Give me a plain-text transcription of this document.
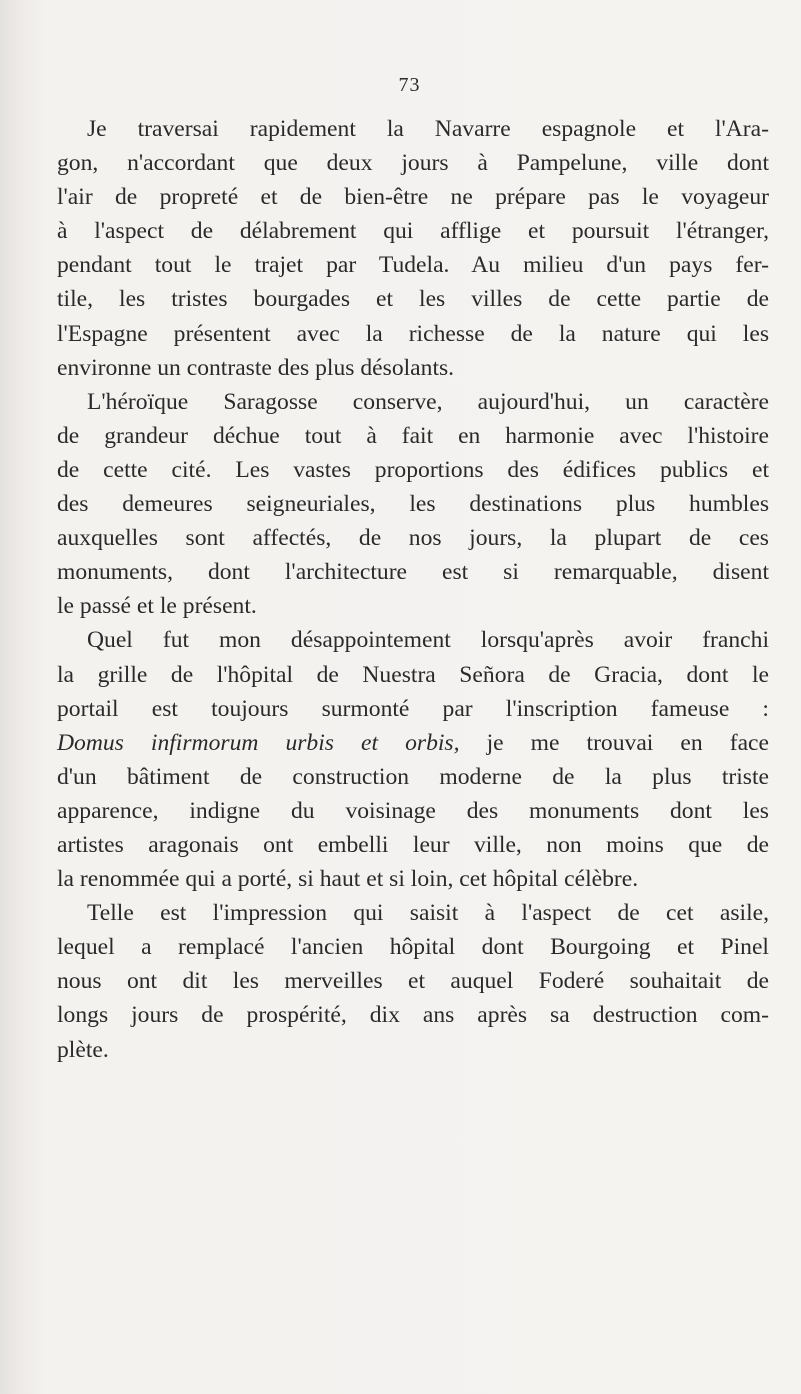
73
Je traversai rapidement la Navarre espagnole et l'Ara-
gon, n'accordant que deux jours à Pampelune, ville dont
l'air de propreté et de bien-être ne prépare pas le voyageur
à l'aspect de délabrement qui afflige et poursuit l'étranger,
pendant tout le trajet par Tudela. Au milieu d'un pays fer-
tile, les tristes bourgades et les villes de cette partie de
l'Espagne présentent avec la richesse de la nature qui les
environne un contraste des plus désolants.
L'héroïque Saragosse conserve, aujourd'hui, un caractère
de grandeur déchue tout à fait en harmonie avec l'histoire
de cette cité. Les vastes proportions des édifices publics et
des demeures seigneuriales, les destinations plus humbles
auxquelles sont affectés, de nos jours, la plupart de ces
monuments, dont l'architecture est si remarquable, disent
le passé et le présent.
Quel fut mon désappointement lorsqu'après avoir franchi
la grille de l'hôpital de Nuestra Señora de Gracia, dont le
portail est toujours surmonté par l'inscription fameuse :
Domus infirmorum urbis et orbis, je me trouvai en face
d'un bâtiment de construction moderne de la plus triste
apparence, indigne du voisinage des monuments dont les
artistes aragonais ont embelli leur ville, non moins que de
la renommée qui a porté, si haut et si loin, cet hôpital célèbre.
Telle est l'impression qui saisit à l'aspect de cet asile,
lequel a remplacé l'ancien hôpital dont Bourgoing et Pinel
nous ont dit les merveilles et auquel Foderé souhaitait de
longs jours de prospérité, dix ans après sa destruction com-
plète.
